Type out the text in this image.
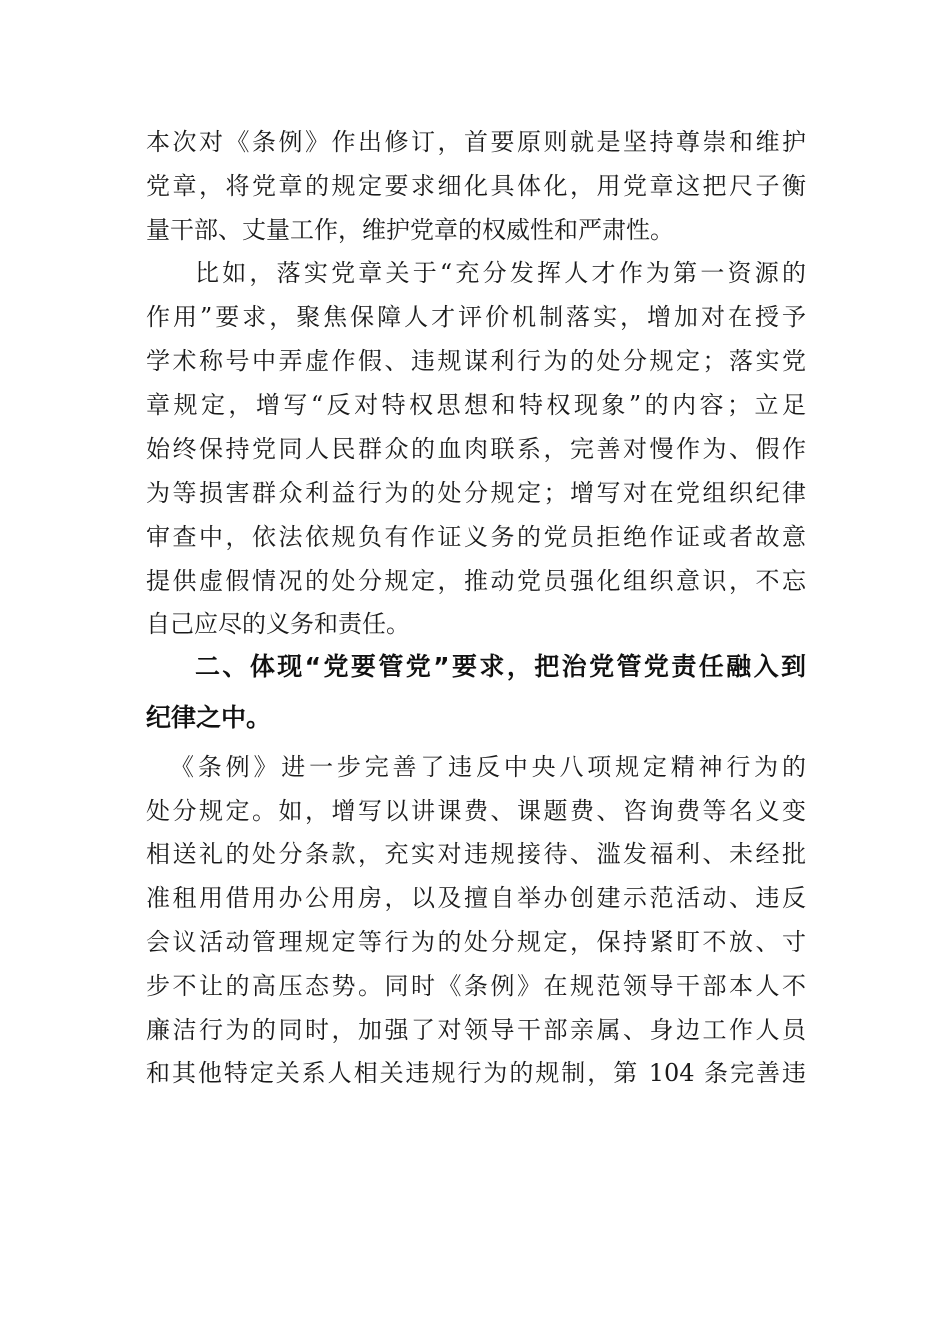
本次对《条例》作出修订，首要原则就是坚持尊崇和维护
党章，将党章的规定要求细化具体化，用党章这把尺子衡
量干部、丈量工作，维护党章的权威性和严肃性。
比如，落实党章关于“充分发挥人才作为第一资源的
作用”要求，聚焦保障人才评价机制落实，增加对在授予
学术称号中弄虚作假、违规谋利行为的处分规定；落实党
章规定，增写“反对特权思想和特权现象”的内容；立足
始终保持党同人民群众的血肉联系，完善对慢作为、假作
为等损害群众利益行为的处分规定；增写对在党组织纪律
审查中，依法依规负有作证义务的党员拒绝作证或者故意
提供虚假情况的处分规定，推动党员强化组织意识，不忘
自己应尽的义务和责任。
二、体现“党要管党”要求，把治党管党责任融入到
纪律之中。
《条例》进一步完善了违反中央八项规定精神行为的
处分规定。如，增写以讲课费、课题费、咨询费等名义变
相送礼的处分条款，充实对违规接待、滥发福利、未经批
准租用借用办公用房，以及擅自举办创建示范活动、违反
会议活动管理规定等行为的处分规定，保持紧盯不放、寸
步不让的高压态势。同时《条例》在规范领导干部本人不
廉洁行为的同时，加强了对领导干部亲属、身边工作人员
和其他特定关系人相关违规行为的规制，第 104 条完善违
